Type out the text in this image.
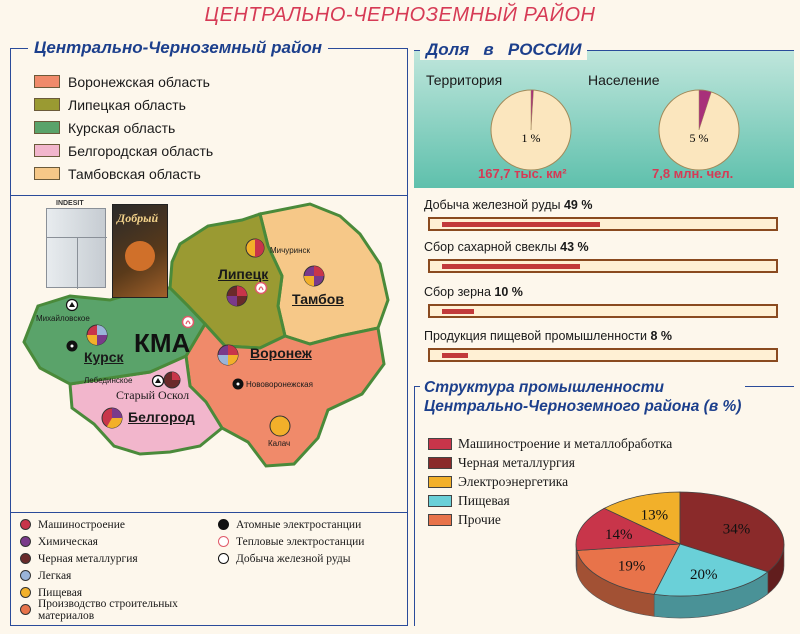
ЦЕНТРАЛЬНО-ЧЕРНОЗЕМНЫЙ РАЙОН
Центрально-Черноземный район
Воронежская область
Липецкая область
Курская область
Белгородская область
Тамбовская область
INDESIT
Добрый
Курск
Липецк
Тамбов
Воронеж
Белгород
Старый Оскол
КМА
Мичуринск
Михайловское
Лебединское	Нововоронежская
Калач
Машиностроение
Химическая
Черная металлургия
Легкая
Пищевая
Производство строительных материалов
Атомные электростанции
Тепловые электростанции
Добыча железной руды
Доля   в   РОССИИ
Территория	Население
1 %	5 %
167,7 тыс. км²	7,8 млн. чел.
Добыча железной руды 49 %
Сбор сахарной свеклы 43 %
Сбор зерна 10 %
Продукция пищевой промышленности 8 %
Структура промышленности
Центрально-Черноземного района (в %)
Машиностроение и металлобработка
Черная металлургия
Электроэнергетика
Пищевая
Прочие	13%
34%
20%
19%
14%
